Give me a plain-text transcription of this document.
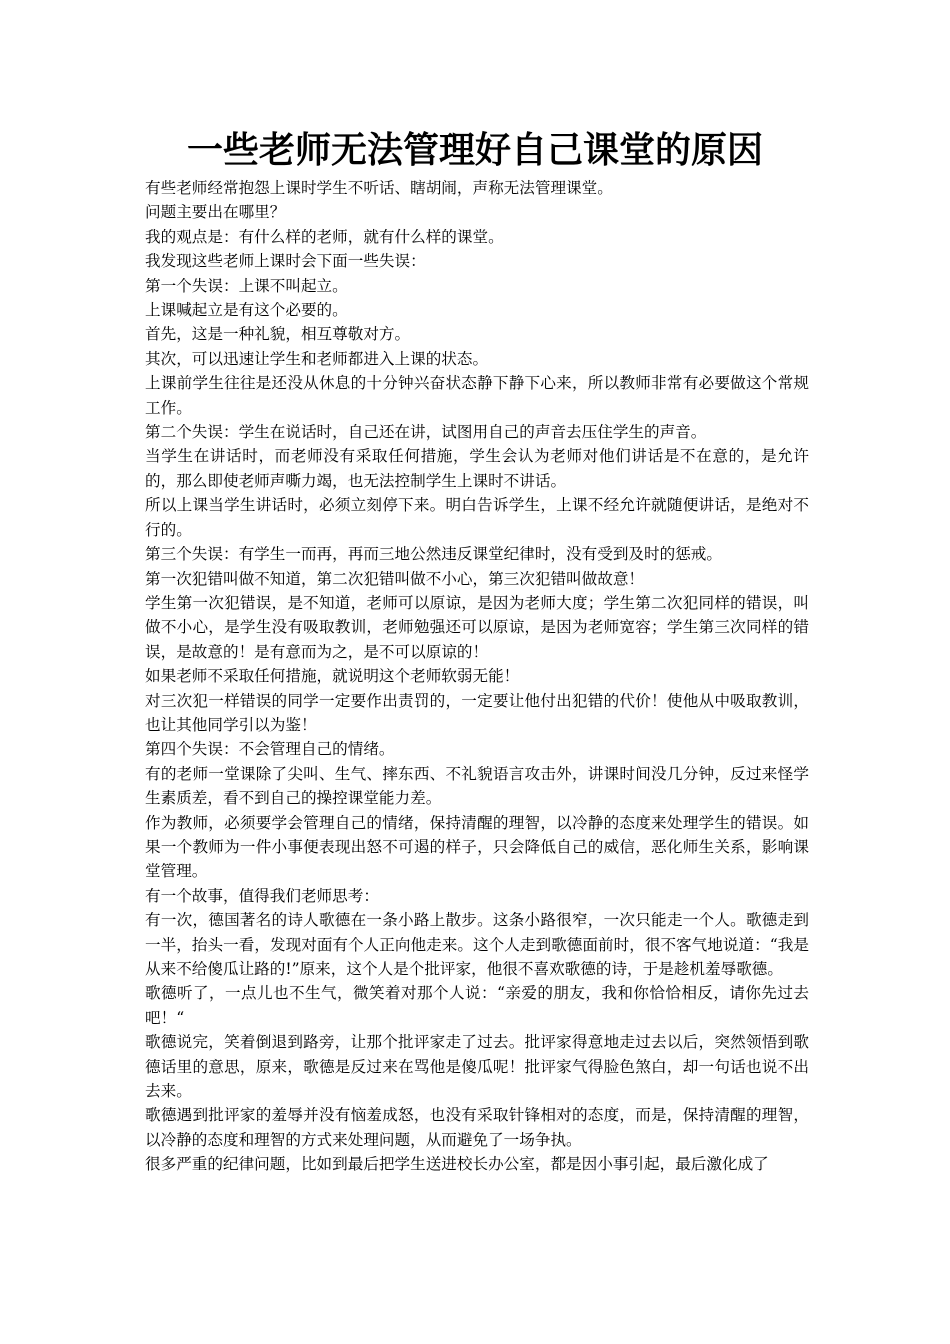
一些老师无法管理好自己课堂的原因

有些老师经常抱怨上课时学生不听话、瞎胡闹，声称无法管理课堂。

问题主要出在哪里？

我的观点是：有什么样的老师，就有什么样的课堂。

我发现这些老师上课时会下面一些失误：

第一个失误：上课不叫起立。

上课喊起立是有这个必要的。

首先，这是一种礼貌，相互尊敬对方。

其次，可以迅速让学生和老师都进入上课的状态。

上课前学生往往是还没从休息的十分钟兴奋状态静下静下心来，所以教师非常有必要做这个常规工作。

第二个失误：学生在说话时，自己还在讲，试图用自己的声音去压住学生的声音。

当学生在讲话时，而老师没有采取任何措施，学生会认为老师对他们讲话是不在意的，是允许的，那么即使老师声嘶力竭，也无法控制学生上课时不讲话。

所以上课当学生讲话时，必须立刻停下来。明白告诉学生，上课不经允许就随便讲话，是绝对不行的。

第三个失误：有学生一而再，再而三地公然违反课堂纪律时，没有受到及时的惩戒。

第一次犯错叫做不知道，第二次犯错叫做不小心，第三次犯错叫做故意！

学生第一次犯错误，是不知道，老师可以原谅，是因为老师大度；学生第二次犯同样的错误，叫做不小心，是学生没有吸取教训，老师勉强还可以原谅，是因为老师宽容；学生第三次同样的错误，是故意的！是有意而为之，是不可以原谅的！

如果老师不采取任何措施，就说明这个老师软弱无能！

对三次犯一样错误的同学一定要作出责罚的，一定要让他付出犯错的代价！使他从中吸取教训，也让其他同学引以为鉴！

第四个失误：不会管理自己的情绪。

有的老师一堂课除了尖叫、生气、摔东西、不礼貌语言攻击外，讲课时间没几分钟，反过来怪学生素质差，看不到自己的操控课堂能力差。

作为教师，必须要学会管理自己的情绪，保持清醒的理智，以冷静的态度来处理学生的错误。如果一个教师为一件小事便表现出怒不可遏的样子，只会降低自己的威信，恶化师生关系，影响课堂管理。

有一个故事，值得我们老师思考：

有一次，德国著名的诗人歌德在一条小路上散步。这条小路很窄，一次只能走一个人。歌德走到一半，抬头一看，发现对面有个人正向他走来。这个人走到歌德面前时，很不客气地说道：“我是从来不给傻瓜让路的!”原来，这个人是个批评家，他很不喜欢歌德的诗，于是趁机羞辱歌德。

歌德听了，一点儿也不生气，微笑着对那个人说：“亲爱的朋友，我和你恰恰相反，请你先过去吧！“

歌德说完，笑着倒退到路旁，让那个批评家走了过去。批评家得意地走过去以后，突然领悟到歌德话里的意思，原来，歌德是反过来在骂他是傻瓜呢！批评家气得脸色煞白，却一句话也说不出去来。

歌德遇到批评家的羞辱并没有恼羞成怒，也没有采取针锋相对的态度，而是，保持清醒的理智，以冷静的态度和理智的方式来处理问题，从而避免了一场争执。

很多严重的纪律问题，比如到最后把学生送进校长办公室，都是因小事引起，最后激化成了
